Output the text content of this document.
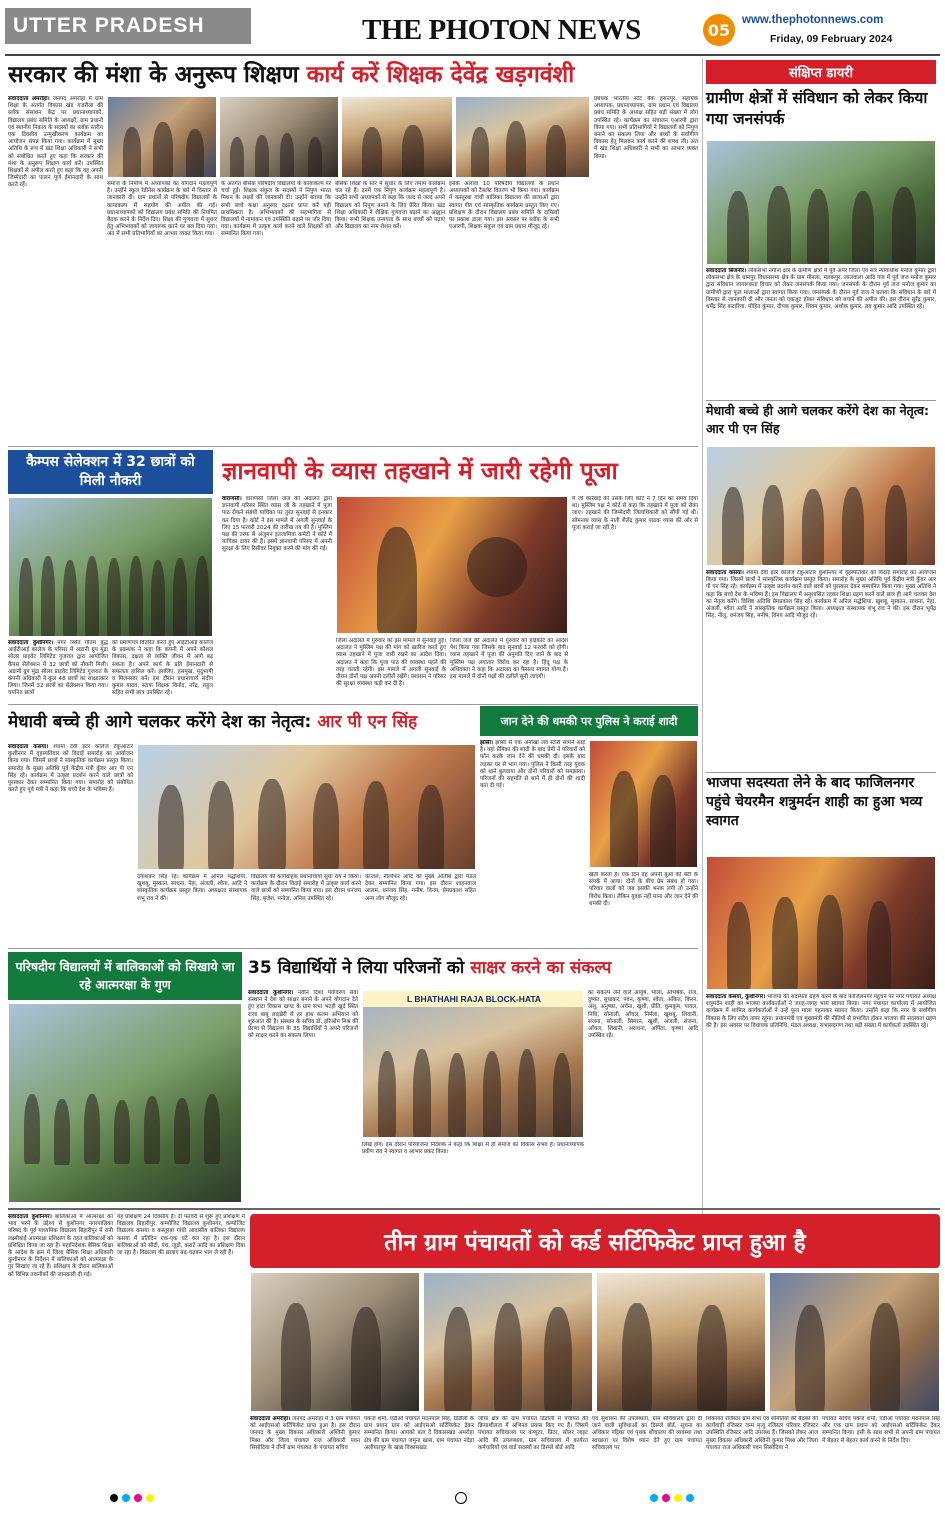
UTTER PRADESH	THE PHOTON NEWS	05
www.thephotonnews.com
Friday, 09 February 2024
सरकार की मंशा के अनुरूप शिक्षण कार्य करें शिक्षक देवेंद्र खड़गवंशी
संवाददाता अमरोहा। जनपद अमरोहा में ग्राम शिक्षा के अंतर्गत विकास खंड गजरौला की ब्लॉक संसाधन केंद्र पर प्रधानाध्यापकों, विद्यालय प्रबंध समिति के अध्यक्षों, ग्राम प्रधानों एवं स्थानीय निकाय के सदस्यों का ब्लॉक स्तरीय एक दिवसीय उन्मुखीकरण कार्यक्रम का आयोजन संपन्न किया गया। कार्यक्रम में मुख्य अतिथि के रूप में खंड शिक्षा अधिकारी ने सभी को संबोधित करते हुए कहा कि सरकार की मंशा के अनुरूप शिक्षण कार्य करें। उपस्थित शिक्षकों से अपील करते हुए कहा कि वह अपनी जिम्मेदारी का पालन पूर्ण ईमानदारी के साथ करते रहें।	समाज के निर्माण में अध्यापकों का योगदान महत्वपूर्ण है। उन्होंने स्कूल रेडीनेस कार्यक्रम के बारे में विस्तार से जानकारी दी। ग्राम प्रधानों से परिषदीय विद्यालयों के कायाकल्प में सहयोग की अपील की गई। प्रधानाध्यापकों को विद्यालय प्रबंध समिति की नियमित बैठक करने के निर्देश दिए। शिक्षा की गुणवत्ता में सुधार हेतु अभिभावकों को जागरूक करने पर बल दिया गया। अंत में सभी प्रतिभागियों का आभार व्यक्त किया गया।
के अंतर्गत बेसिक परिषदीय विद्यालयों के कायाकल्प पर चर्चा हुई। शिक्षक संकुल के सदस्यों ने निपुण भारत मिशन के लक्ष्यों की जानकारी दी। उन्होंने बताया कि सभी बच्चे कक्षा अनुसार दक्षता प्राप्त करें यही प्राथमिकता है। अभिभावकों की सहभागिता से विद्यालयों में नामांकन एवं उपस्थिति बढ़ाने पर जोर दिया गया। कार्यक्रम में उत्कृष्ट कार्य करने वाले शिक्षकों को सम्मानित किया गया।
बेसिक शिक्षा के स्तर में सुधार के लिए तमाम कार्यक्रम चल रहे हैं। इनमें एक निपुण कार्यक्रम महत्वपूर्ण है। उन्होंने सभी अध्यापकों से कहा कि जल्द से जल्द अपने विद्यालय को निपुण बनाने के लिए प्रेरित किया। खंड शिक्षा अधिकारी ने शैक्षिक गुणवत्ता बढ़ाने का आह्वान किया। सभी शिक्षक तन्मयता के साथ बच्चों को पढ़ाएं और विद्यालय का नाम रोशन करें।
इसके अलावा 10 परिषदीय विद्यालयों के प्रधान अध्यापकों को टैबलेट वितरण भी किया गया। कार्यक्रम में कस्तूरबा गांधी बालिका विद्यालय की छात्राओं द्वारा स्वागत गीत एवं सांस्कृतिक कार्यक्रम प्रस्तुत किए गए। प्रशिक्षण के दौरान विद्यालय प्रबंध समिति के दायित्वों पर प्रकाश डाला गया। इस अवसर पर ब्लॉक के सभी एआरपी, शिक्षक संकुल एवं ग्राम प्रधान मौजूद रहे।
प्रबंधक भारतीय स्टेट बैंक हसनपुर, सहायक अध्यापक, प्रधानाध्यापक, ग्राम प्रधान एवं विद्यालय प्रबंध समिति के अध्यक्ष सहित बड़ी संख्या में लोग उपस्थित रहे। कार्यक्रम का संचालन एआरपी द्वारा किया गया। सभी प्रतिभागियों ने विद्यालयों को निपुण बनाने का संकल्प लिया और बच्चों के सर्वांगीण विकास हेतु मिलकर कार्य करने की शपथ ली। अंत में खंड शिक्षा अधिकारी ने सभी का आभार व्यक्त किया।
संक्षिप्त डायरी
ग्रामीण क्षेत्रों में संविधान को लेकर किया गया जनसंपर्क
संवाददाता बिजनौर। लोकसभा नगीना क्षेत्र के ग्रामीण क्षेत्रों में पूर्व अपर जिला एवं सत्र न्यायाधीश मनोज कुमार द्वारा लोकसभा क्षेत्र के धामपुर विधानसभा क्षेत्र के ग्राम मीनला, मलकपुर, लालवाला आदि गांव में पूर्व जज मनोज कुमार द्वारा संविधान जागरूकता विचार को लेकर जनसंपर्क किया गया। जनसंपर्क के दौरान पूर्व जज मनोज कुमार का ग्रामीणों द्वारा फूल मालाओं द्वारा स्वागत किया गया। जनसंपर्क के दौरान पूर्व जज ने बताया कि संविधान के बारे में विस्तार से जानकारी दी और जनता को एकजुट होकर संविधान को बचाने की अपील की। इस दौरान सुरेंद्र कुमार, धर्मेंद्र सिंह कटारिया, मोहित कुमार, दीपक कुमार, शिवम कुमार, अशोक कुमार, लव कुमार आदि उपस्थित रहे।
मेधावी बच्चे ही आगे चलकर करेंगे देश का नेतृत्व: आर पी एन सिंह
संवाददाता कसया। श्यामा देवी इंटर कॉलेज टेकुआटार कुशीनगर में वृहस्पतिवार को विदाई समारोह का आयोजन किया गया। जिसमें छात्रों ने सांस्कृतिक कार्यक्रम प्रस्तुत किया। समारोह के मुख्य अतिथि पूर्व केंद्रीय मंत्री कुँवर आर पी एन सिंह रहे। कार्यक्रम में उत्कृष्ट प्रदर्शन करने वाले छात्रों को पुरस्कार देकर सम्मानित किया गया। मुख्य अतिथि ने कहा कि बच्चे देश के भविष्य हैं। इस विद्यालय में अनुशासित रहकर शिक्षा ग्रहण करने वाले छात्र ही आगे चलकर देश का नेतृत्व करेंगे। विशिष्ट अतिथि प्रेमप्रकाश सिंह रहे। कार्यक्रम में अनिल मद्धेशिया, खुशबू, मुस्कान, साधना, नेहा, अंजली, श्वेता आदि ने सांस्कृतिक कार्यक्रम प्रस्तुत किया। अध्यक्षता संस्थापक शंभू राव ने की। इस दौरान भूपेंद्र सिंह, नीलू, धनंजय सिंह, मनीष, विनय आदि मौजूद रहे।
भाजपा सदस्यता लेने के बाद फाजिलनगर पहुंचे चेयरमैन शत्रुमर्दन शाही का हुआ भव्य स्वागत
संवाददाता कसया, कुशीनगर। भाजपा की सदस्यता ग्रहण करने के बाद फाजिलनगर पहुंचने पर नगर पंचायत अध्यक्ष शत्रुमर्दन शाही का भाजपा कार्यकर्ताओं ने जगह-जगह भव्य स्वागत किया। नगर पंचायत कार्यालय में आयोजित कार्यक्रम में शामिल कार्यकर्ताओं ने उन्हें फूल माला पहनाकर स्वागत किया। उन्होंने कहा कि नगर के सर्वांगीण विकास के लिए सदैव तत्पर रहूंगा। प्रधानमंत्री एवं मुख्यमंत्री की नीतियों से प्रभावित होकर भाजपा की सदस्यता ग्रहण की है। इस अवसर पर विधायक प्रतिनिधि, मंडल अध्यक्ष, सभासदगण तथा बड़ी संख्या में कार्यकर्ता उपस्थित रहे।
कैम्पस सेलेक्शन में 32 छात्रों को मिली नौकरी
संवाददाता कुशीनगर। नगर स्थित गौतम बुद्ध आईटीआई कालेज के परिसर में अडानी ग्रुप मुंद्रा सोलर प्राइवेट लिमिटेड गुजरात द्वारा आयोजित कैंपस सेलेक्शन में 32 छात्रों को नौकरी मिली। अडानी ग्रुप मुंद्रा सोलर प्राइवेट लिमिटेड गुजरात के कंपनी अधिकारी ने कुल 48 छात्रों का साक्षात्कार लिया। जिनमें 32 छात्रों का सेलेक्शन किया गया। चयनित छात्रों
को प्रमाणपत्र वितरित करते हुए आईटीआई कालेज के प्रबन्धक ने कहा कि कंपनी में अपने कौशल विकास, दक्षता से व्यक्ति जीवन में आगे बढ़ सकता है। अपने कार्य के प्रति ईमानदारी से सफलता हासिल करें। इसलिए, हंसमुख, मृदुभाषी व मिलनसार बनें। इस दौरान प्रधानाचार्य संदीप कुमार यादव, स्टाफ शिक्षक विनोद, नरेंद्र, राहुल सहित सभी छात्र उपस्थित रहे।
ज्ञानवापी के व्यास तहखाने में जारी रहेगी पूजा
वाराणसी। वाराणसी जिला जज की अदालत द्वारा ज्ञानवापी परिसर स्थित व्यास जी के तहखाने में पूजा पाठ रोकने संबंधी याचिका पर तुरंत सुनवाई से इनकार कर दिया है। कोर्ट ने इस मामले में अगली सुनवाई के लिए 15 फरवरी 2024 की तारीख तय की है। मुस्लिम पक्ष की तरफ से अंजुमन इंतजामिया कमेटी ने कोर्ट में याचिका दायर की है। इसमें ज्ञानवापी परिसर में अपनी सुरक्षा के लिए रिसीवर नियुक्त करने की मांग की गई।
जिला अदालत में गुरुवार को इस मामले में सुनवाई हुई। अदालत ने मुस्लिम पक्ष की मांग को खारिज करते हुए व्यास तहखाने में पूजा जारी रखने का आदेश दिया। अदालत ने कहा कि पूजा पाठ की व्यवस्था पहले की तरह चलती रहेगी। इस मामले में अगली सुनवाई के दौरान दोनों पक्ष अपनी दलीलें रखेंगे। प्रशासन ने परिसर की सुरक्षा व्यवस्था कड़ी कर दी है।
जिला जज की अदालत में गुरुवार को हाईकोर्ट का आदेश पेश किया गया जिसके बाद सुनवाई 12 फरवरी को होगी। व्यास तहखाने में पूजा की अनुमति दिए जाने के बाद से मुस्लिम पक्ष लगातार विरोध कर रहा है। हिंदू पक्ष के अधिवक्ता ने कहा कि अदालत का फैसला स्वागत योग्य है। इस मामले में दोनों पक्षों की दलीलें सुनी जाएंगी।
में जो कार्रवाई की उसके लिए कोर्ट ने 7 दिन का समय दिया था। मुस्लिम पक्ष ने कोर्ट से कहा कि तहखाने में पूजा को रोका जाए। तहखाने की जिम्मेदारी जिलाधिकारी को सौंपी गई थी। सोमनाथ व्यास के नाती शैलेंद्र कुमार पाठक व्यास की ओर से पूजा कराई जा रही है।
मेधावी बच्चे ही आगे चलकर करेंगे देश का नेतृत्व: आर पी एन सिंह
संवाददाता कसया। श्यामा देवी इंटर कॉलेज टेकुआटार कुशीनगर में वृहस्पतिवार को विदाई समारोह का आयोजन किया गया। जिसमें छात्रों ने सांस्कृतिक कार्यक्रम प्रस्तुत किया। समारोह के मुख्य अतिथि पूर्व केंद्रीय मंत्री कुँवर आर पी एन सिंह रहे। कार्यक्रम में उत्कृष्ट प्रदर्शन करने वाले छात्रों को पुरस्कार देकर सम्मानित किया गया। समारोह को संबोधित करते हुए पूर्व मंत्री ने कहा कि बच्चे देश के भविष्य हैं।
दयाशंकर सिंह रहे। कार्यक्रम में अनिल मद्धेशिया, खुशबू, मुस्कान, साधना, नेहा, अंजली, श्वेता, आदि ने सांस्कृतिक कार्यक्रम प्रस्तुत किया। अध्यक्षता संस्थापक शंभू राव ने की।
विद्यालय की कार्यवाहक प्रधानाचार्या सुधा राय ने किया। कार्यक्रम के दौरान विदाई समारोह में उत्कृष्ट कार्य करने वाले छात्रों को सम्मानित किया गया। इस दौरान धनंजय सिंह, बृजेश, मनोज, अनिल उपस्थित रहे।
काजल, नीलोफर आदि को मुख्य अतिथि द्वारा मेडल देकर सम्मानित किया गया। इस दौरान शाहनवाज आलम, धनंजय सिंह, मनीष, विनय, प्रेमप्रकाश सहित अन्य लोग मौजूद रहे।
जान देने की धमकी पर पुलिस ने कराई शादी
झांसी। झांसी से एक अनोखा लव स्टोरी सामने आई है। यहां प्रेमिका की शादी के बाद प्रेमी ने परिवारों को फोन करके जान देने की धमकी दी। इसके बाद लड़का घर से भाग गया। पुलिस ने किसी तरह युवक को थाने बुलवाया और दोनों परिवारों को समझाया। परिजनों की सहमति से थाने में ही दोनों की शादी करा दी गई।
खेती करता है। एक दिन वह अपनी बुआ की बेटी के संपर्क में आया। दोनों के बीच प्रेम संबंध हो गया। परिवार वालों को जब इसकी भनक लगी तो उन्होंने विरोध किया। लेकिन युवक नहीं माना और जान देने की धमकी दी।
परिषदीय विद्यालयों में बालिकाओं को सिखाये जा रहे आत्मरक्षा के गुण
35 विद्यार्थियों ने लिया परिजनों को साक्षर करने का संकल्प
संवाददाता कुशीनगर। नवीन दिशा पर्यावरण सेवा संस्थान ने देश को साक्षर बनाने के अपने योगदान देते हुए हाटा विकास खण्ड के ग्राम सभा भटही खुर्द स्थित राजा बाबू लाइब्रेरी से हर हाथ कलम अभियान को शुरुआत की है। संस्थान के सचिव डॉ. हरिओम मिश्र की प्रेरणा से विद्यालय के 35 विद्यार्थियों ने अपने परिजनों को साक्षर करने का संकल्प लिया।
L BHATHAHI RAJA BLOCK-HATA
लिखे होंगे। इस दौरान परियोजना निदेशक ने कहा कि शिक्षा से ही समाज का विकास संभव है। प्रधानाध्यापक प्रवीण राव ने स्वागत व आभार प्रकट किया।
का संकल्प लेने वाले आयुष, भोला, अभिषेक, राज, दुष्यंत, सुधाकर, पवन, कृष्णा, श्वेता, अंकित, किरन, अंशु, अनुष्का, अर्चना, खुशी, प्रीति, कुमकुम, पायल, निधि, सोनाली, आँचल, निर्मला, खुशबू, शिवानी, संजना, सोनाली, सिमरन, खुशी, अंजली, संजना, आँचल, शिवानी, अराधना, अर्पिता, कृष्णा आदि उपस्थित रहे।
संवाददाता कुशीनगर। बालिकाओं में आत्मरक्षा का भाव भरने के उद्देश्य से कुशीनगर नगरपालिका परिषद के पूर्व माध्यमिक विद्यालय बिहारीपुर में रानी लक्ष्मीबाई आत्मरक्षा प्रशिक्षण के तहत बालिकाओं को प्रशिक्षित किया जा रहा है। महानिदेशक बेसिक शिक्षा के आदेश के क्रम में जिला बेसिक शिक्षा अधिकारी कुशीनगर के निर्देशन में बालिकाओं को आत्मरक्षा के गुर सिखाए जा रहे हैं। प्रशिक्षण के दौरान बालिकाओं को विभिन्न तकनीकों की जानकारी दी गई।
यह प्रशिक्षण 24 दिवसीय है। दो फरवरी से शुरू हुए प्रशिक्षण में विद्यालय बिहारीपुर, कम्पोजिट विद्यालय कुशीनगर, कम्पोजिट विद्यालय कसया व कस्तूरबा गांधी आवासीय बालिका विद्यालय कसया में प्रतिदिन एक-एक घंटे चल रहा है। इस दौरान बालिकाओं को सीटी, पंच, जूडो, कराटे आदि का प्रशिक्षण दिया जा रहा है। विद्यालय की छात्राएं बढ़-चढ़कर भाग ले रही हैं।	तीन ग्राम पंचायतों को कर्ड सर्टिफिकेट प्राप्त हुआ है
संवाददाता अमरोहा। जनपद अमरोहा में 3 ग्राम पंचायत को आईएसओ सर्टिफिकेट प्राप्त हुआ है। इस दौरान जनपद के मुख्य विकास अधिकारी अश्विनी कुमार मिश्रा और जिला पंचायत राज अधिकारी पवन सिसोदिया ने तीनों ग्राम पंचायत के पंचायत सचिव
पंकज शर्मा, एडीओ पंचायत मदनपाल सिंह, डिडौली के ग्राम प्रधान ग्राम को आईएसओ सर्टिफिकेट देकर सम्मानित किया। आपको बता दें विकासखंड अमरोहा क्षेत्र की ग्राम पंचायत जमुना खास, ग्राम पंचायत नंदेड़ा अलीयारपुर के खाद्य विकासखंड
जोया क्षेत्र की ग्राम पंचायत डिडोली में पंचायत की क्रियाशीलता में अभिनव प्रयास किए गए हैं। जिसमें पंचायत सचिवालय पर कंप्यूटर, प्रिंटर, सोलर लाइट आदि की उपलब्धता, ग्राम सचिवालय में कार्यरत कर्मचारियों एवं वार्ड सदस्यों का डिस्प्ले बोर्ड आदि
एवं सुशासन की उपलब्धता, ग्राम सचिवालय द्वारा दी जाने वाली सुविधाओं का डिस्प्ले बोर्ड, सूचना का अधिकार पट्टिका एवं पृथक शौचालय की व्यवस्था तथा स्वच्छता पर विशेष ध्यान देते हुए ग्राम पंचायत सचिवालय पर
शिकायत रजिस्टर ग्राम सभा एवं समितियों की बैठकों की कार्यवाही रजिस्टर जन्म मृत्यु रजिस्टर परिवार रजिस्टर उपस्थिति रजिस्टर आदि उपलब्ध हैं। जिसको लेकर आज मुख्य विकास अधिकारी अश्विनी कुमार मिश्रा और जिला पंचायत राज अधिकारी पवन सिसोदिया ने
पंचायत सचिव पंकज शर्मा, एडीओ पंचायत मदनपाल सिंह और एक ग्राम प्रधान को आईएसओ सर्टिफिकेट देकर सम्मानित किया। इसी के साथ सभी से अपनी ग्राम पंचायत में बेहतर से बेहतर कार्य करने के निर्देश दिए।
